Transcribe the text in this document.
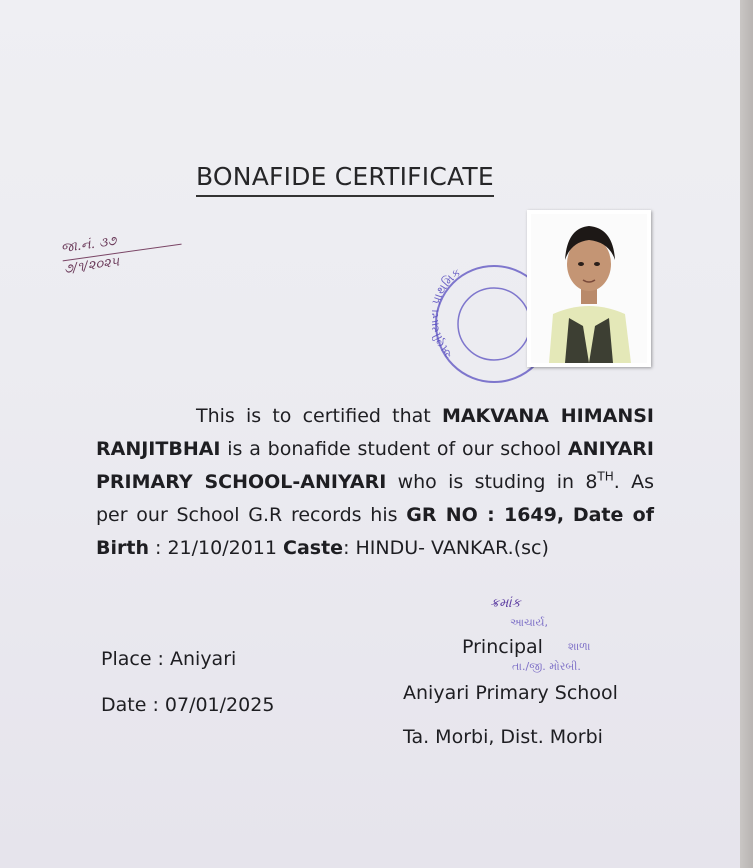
BONAFIDE CERTIFICATE
જા.નં. ૩૭
૭/૧/૨૦૨૫
અ થમિક

This is to certified that MAKVANA HIMANSI RANJITBHAI is a bonafide student of our school ANIYARI PRIMARY SCHOOL-ANIYARI who is studing in 8TH. As per our School G.R records his GR NO : 1649, Date of Birth : 21/10/2011 Caste: HINDU- VANKAR.(sc)

Place : Aniyari
Date : 07/01/2025
ક્રમાંક
આચાર્ય,
શાળા
તા./જી. મોરબી.
Principal
Aniyari Primary School
Ta. Morbi, Dist. Morbi
